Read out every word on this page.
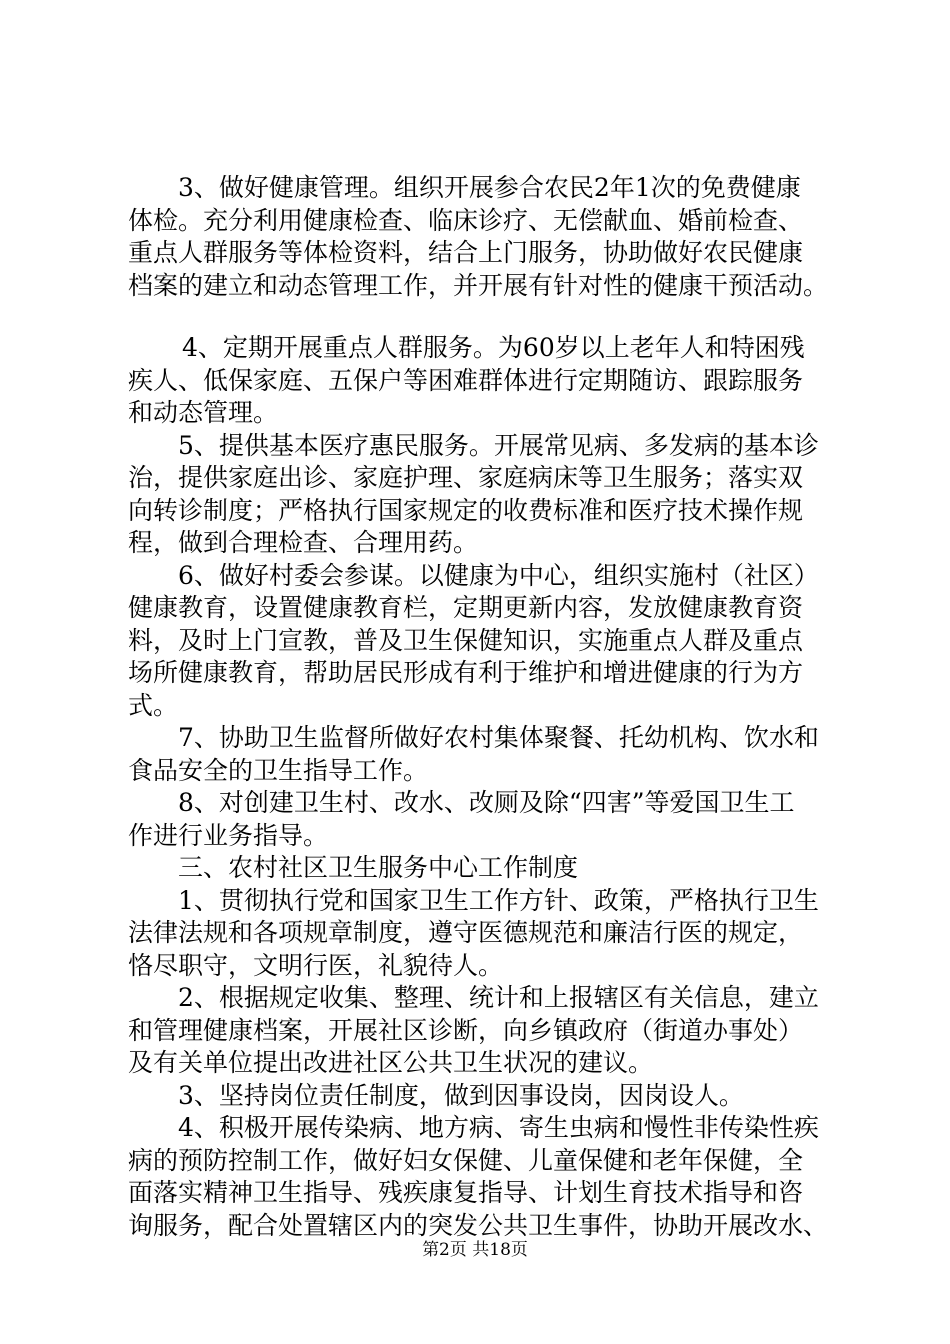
3、做好健康管理。组织开展参合农民2年1次的免费健康

体检。充分利用健康检查、临床诊疗、无偿献血、婚前检查、

重点人群服务等体检资料，结合上门服务，协助做好农民健康

档案的建立和动态管理工作，并开展有针对性的健康干预活动。

4、定期开展重点人群服务。为60岁以上老年人和特困残

疾人、低保家庭、五保户等困难群体进行定期随访、跟踪服务

和动态管理。

5、提供基本医疗惠民服务。开展常见病、多发病的基本诊

治，提供家庭出诊、家庭护理、家庭病床等卫生服务；落实双

向转诊制度；严格执行国家规定的收费标准和医疗技术操作规

程，做到合理检查、合理用药。

6、做好村委会参谋。以健康为中心，组织实施村（社区）

健康教育，设置健康教育栏，定期更新内容，发放健康教育资

料，及时上门宣教，普及卫生保健知识，实施重点人群及重点

场所健康教育，帮助居民形成有利于维护和增进健康的行为方

式。

7、协助卫生监督所做好农村集体聚餐、托幼机构、饮水和

食品安全的卫生指导工作。

8、对创建卫生村、改水、改厕及除“四害”等爱国卫生工

作进行业务指导。

三、农村社区卫生服务中心工作制度

1、贯彻执行党和国家卫生工作方针、政策，严格执行卫生

法律法规和各项规章制度，遵守医德规范和廉洁行医的规定，

恪尽职守，文明行医，礼貌待人。

2、根据规定收集、整理、统计和上报辖区有关信息，建立

和管理健康档案，开展社区诊断，向乡镇政府（街道办事处）

及有关单位提出改进社区公共卫生状况的建议。

3、坚持岗位责任制度，做到因事设岗，因岗设人。

4、积极开展传染病、地方病、寄生虫病和慢性非传染性疾

病的预防控制工作，做好妇女保健、儿童保健和老年保健，全

面落实精神卫生指导、残疾康复指导、计划生育技术指导和咨

询服务，配合处置辖区内的突发公共卫生事件，协助开展改水、

第2页 共18页
